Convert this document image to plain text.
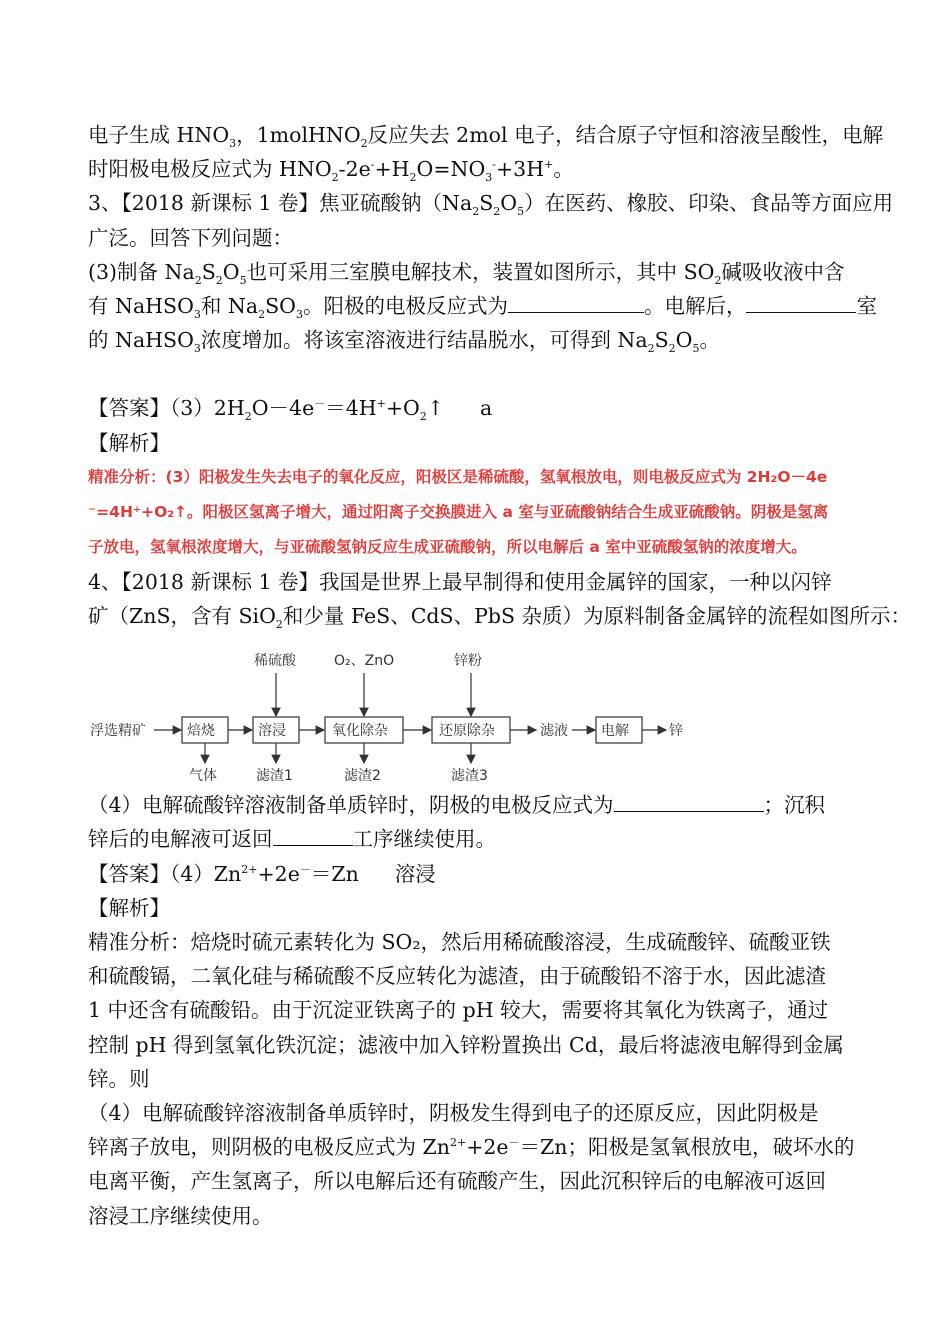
电子生成 $HNO_3$，1molHNO$_2$反应失去 2mol 电子，结合原子守恒和溶液呈酸性，电解

时阳极电极反应式为 $HNO_2-2e^-+H_2O=NO_3^-+3H^+$。

3、【2018 新课标 1 卷】焦亚硫酸钠$(Na_2S_2O_5)$在医药、橡胶、印染、食品等方面应用

广泛。回答下列问题：

(3)制备 $Na_2S_2O_5$也可采用三室膜电解技术，装置如图所示，其中 $SO_2$碱吸收液中含

有 NaHSO$_3$和 $Na_2SO_3$。阳极的电极反应式为	。电解后，	室

的 NaHSO$_3$浓度增加。将该室溶液进行结晶脱水，可得到 $Na_2S_2O_5$。

【答案】$(3)2H_2O-4e^-=4H^++O_2↑$ a

【解析】

精准分析：(3）阳极发生失去电子的氧化反应，阳极区是稀硫酸，氢氧根放电，则电极反应式为 2H₂O－4e
⁻=4H⁺+O₂↑。阳极区氢离子增大，通过阳离子交换膜进入 a 室与亚硫酸钠结合生成亚硫酸钠。阴极是氢离
子放电，氢氧根浓度增大，与亚硫酸氢钠反应生成亚硫酸钠，所以电解后 a 室中亚硫酸氢钠的浓度增大。

4、【2018 新课标 1 卷】我国是世界上最早制得和使用金属锌的国家，一种以闪锌

矿（ZnS，含有 SiO$_2$和少量 FeS、CdS、PbS 杂质）为原料制备金属锌的流程如图所示：

浮选精矿	焙烧	溶浸	氧化除杂	还原除杂	滤液 电解	锌
稀硫酸	O₂、ZnO	锌粉
气体	滤渣1	滤渣2	滤渣3

（4）电解硫酸锌溶液制备单质锌时，阴极的电极反应式为	；沉积

锌后的电解液可返回	工序继续使用。

【答案】$(4)Zn^{2+}+2e^-=Zn$ 溶浸

【解析】

精准分析：焙烧时硫元素转化为 SO₂，然后用稀硫酸溶浸，生成硫酸锌、硫酸亚铁

和硫酸镉，二氧化硅与稀硫酸不反应转化为滤渣，由于硫酸铅不溶于水，因此滤渣

1 中还含有硫酸铅。由于沉淀亚铁离子的 pH 较大，需要将其氧化为铁离子，通过

控制 pH 得到氢氧化铁沉淀；滤液中加入锌粉置换出 Cd，最后将滤液电解得到金属

锌。则

（4）电解硫酸锌溶液制备单质锌时，阴极发生得到电子的还原反应，因此阴极是

锌离子放电，则阴极的电极反应式为 $Zn^{2+}+2e^-=Zn$；阳极是氢氧根放电，破坏水的

电离平衡，产生氢离子，所以电解后还有硫酸产生，因此沉积锌后的电解液可返回

溶浸工序继续使用。
